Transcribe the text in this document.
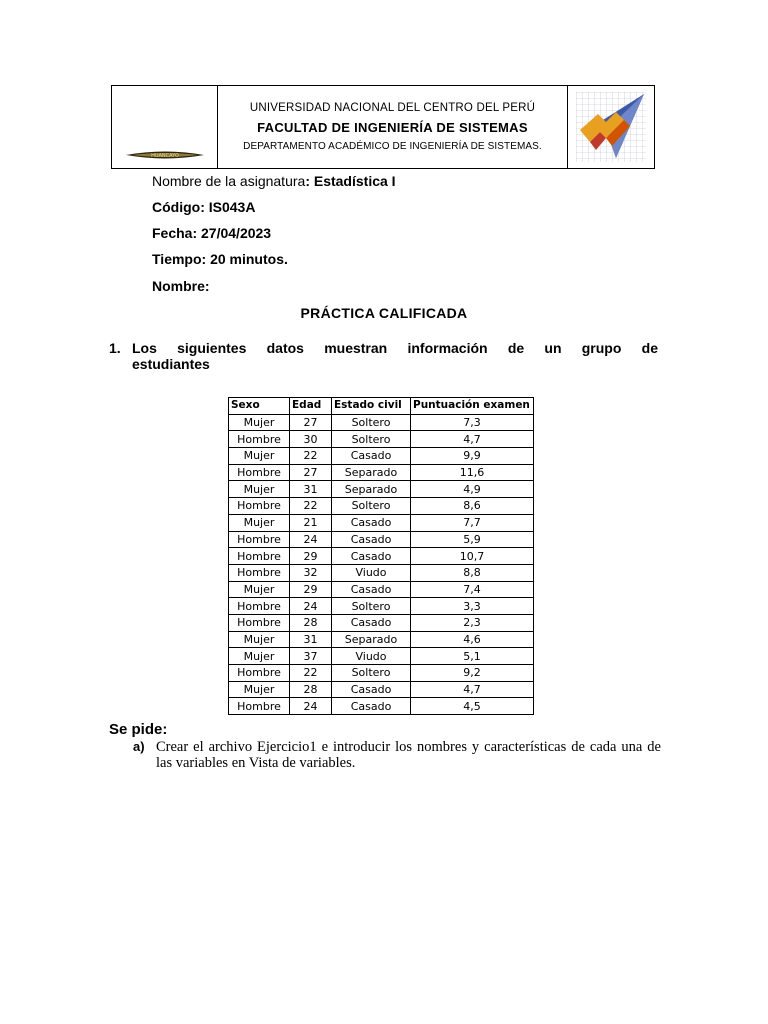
HUANCAYO
UNIVERSIDAD NACIONAL DEL CENTRO DEL PERÚ
FACULTAD DE INGENIERÍA DE SISTEMAS
DEPARTAMENTO ACADÉMICO DE INGENIERÍA DE SISTEMAS.
Nombre de la asignatura: Estadística I
Código: IS043A
Fecha: 27/04/2023
Tiempo: 20 minutos.
Nombre:
PRÁCTICA CALIFICADA
1. Los siguientes datos muestran información de un grupo de
estudiantes
Sexo	Edad	Estado civil	Puntuación examen
Mujer	27	Soltero	7,3
Hombre	30	Soltero	4,7
Mujer	22	Casado	9,9
Hombre	27	Separado	11,6
Mujer	31	Separado	4,9
Hombre	22	Soltero	8,6
Mujer	21	Casado	7,7
Hombre	24	Casado	5,9
Hombre	29	Casado	10,7
Hombre	32	Viudo	8,8
Mujer	29	Casado	7,4
Hombre	24	Soltero	3,3
Hombre	28	Casado	2,3
Mujer	31	Separado	4,6
Mujer	37	Viudo	5,1
Hombre	22	Soltero	9,2
Mujer	28	Casado	4,7
Hombre	24	Casado	4,5
Se pide:
a) Crear el archivo Ejercicio1 e introducir los nombres y características de cada una de las variables en Vista de variables.
